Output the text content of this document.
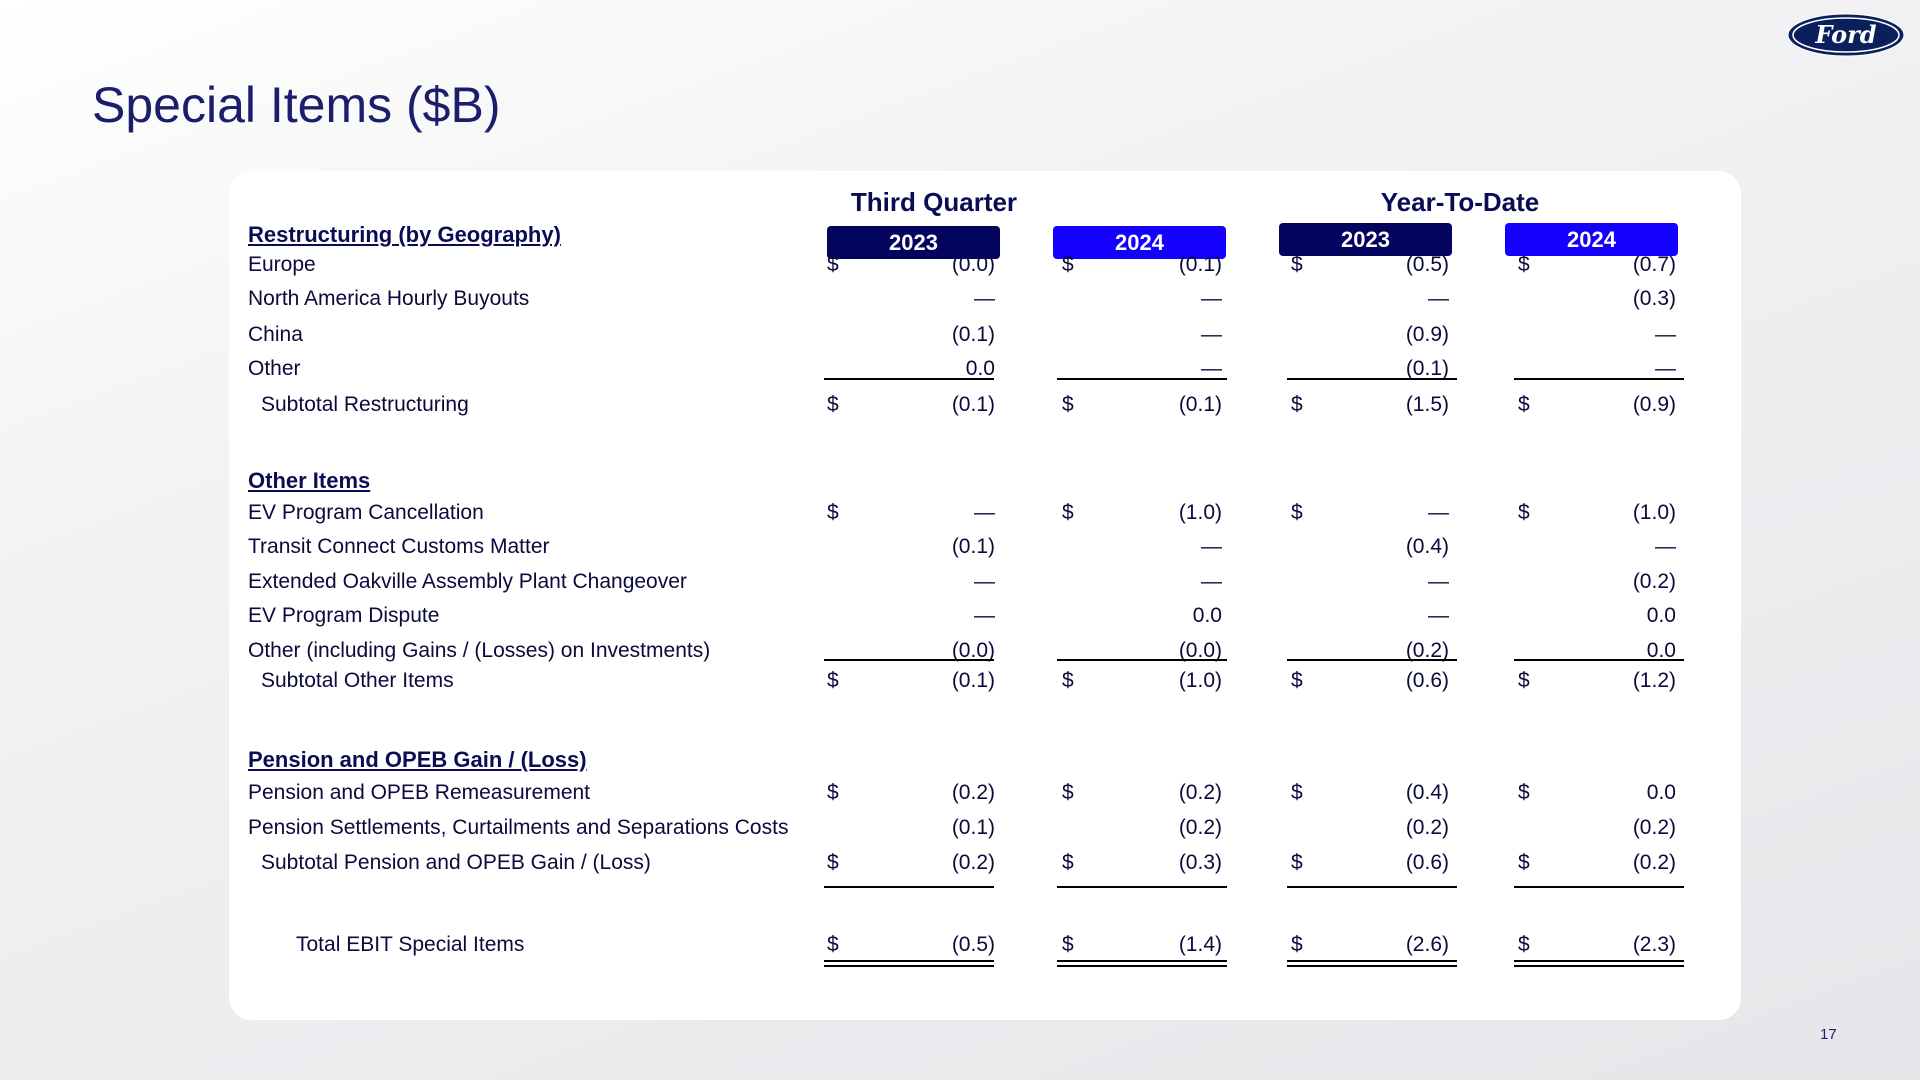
Special Items ($B)
Ford
17
Third Quarter	Year-To-Date
2023	2024	2023	2024
Restructuring (by Geography)
Europe	$	(0.0)	$	(0.1)	$	(0.5)	$	(0.7)
North America Hourly Buyouts	—	—	—	(0.3)
China	(0.1)	—	(0.9)	—
Other	0.0	—	(0.1)	—
Subtotal Restructuring	$	(0.1)	$	(0.1)	$	(1.5)	$	(0.9)
Other Items
EV Program Cancellation	$	—	$	(1.0)	$	—	$	(1.0)
Transit Connect Customs Matter	(0.1)	—	(0.4)	—
Extended Oakville Assembly Plant Changeover	—	—	—	(0.2)
EV Program Dispute	—	0.0	—	0.0
Other (including Gains / (Losses) on Investments)	(0.0)	(0.0)	(0.2)	0.0
Subtotal Other Items	$	(0.1)	$	(1.0)	$	(0.6)	$	(1.2)
Pension and OPEB Gain / (Loss)
Pension and OPEB Remeasurement	$	(0.2)	$	(0.2)	$	(0.4)	$	0.0
Pension Settlements, Curtailments and Separations Costs	(0.1)	(0.2)	(0.2)	(0.2)
Subtotal Pension and OPEB Gain / (Loss)	$	(0.2)	$	(0.3)	$	(0.6)	$	(0.2)
Total EBIT Special Items	$	(0.5)	$	(1.4)	$	(2.6)	$	(2.3)
